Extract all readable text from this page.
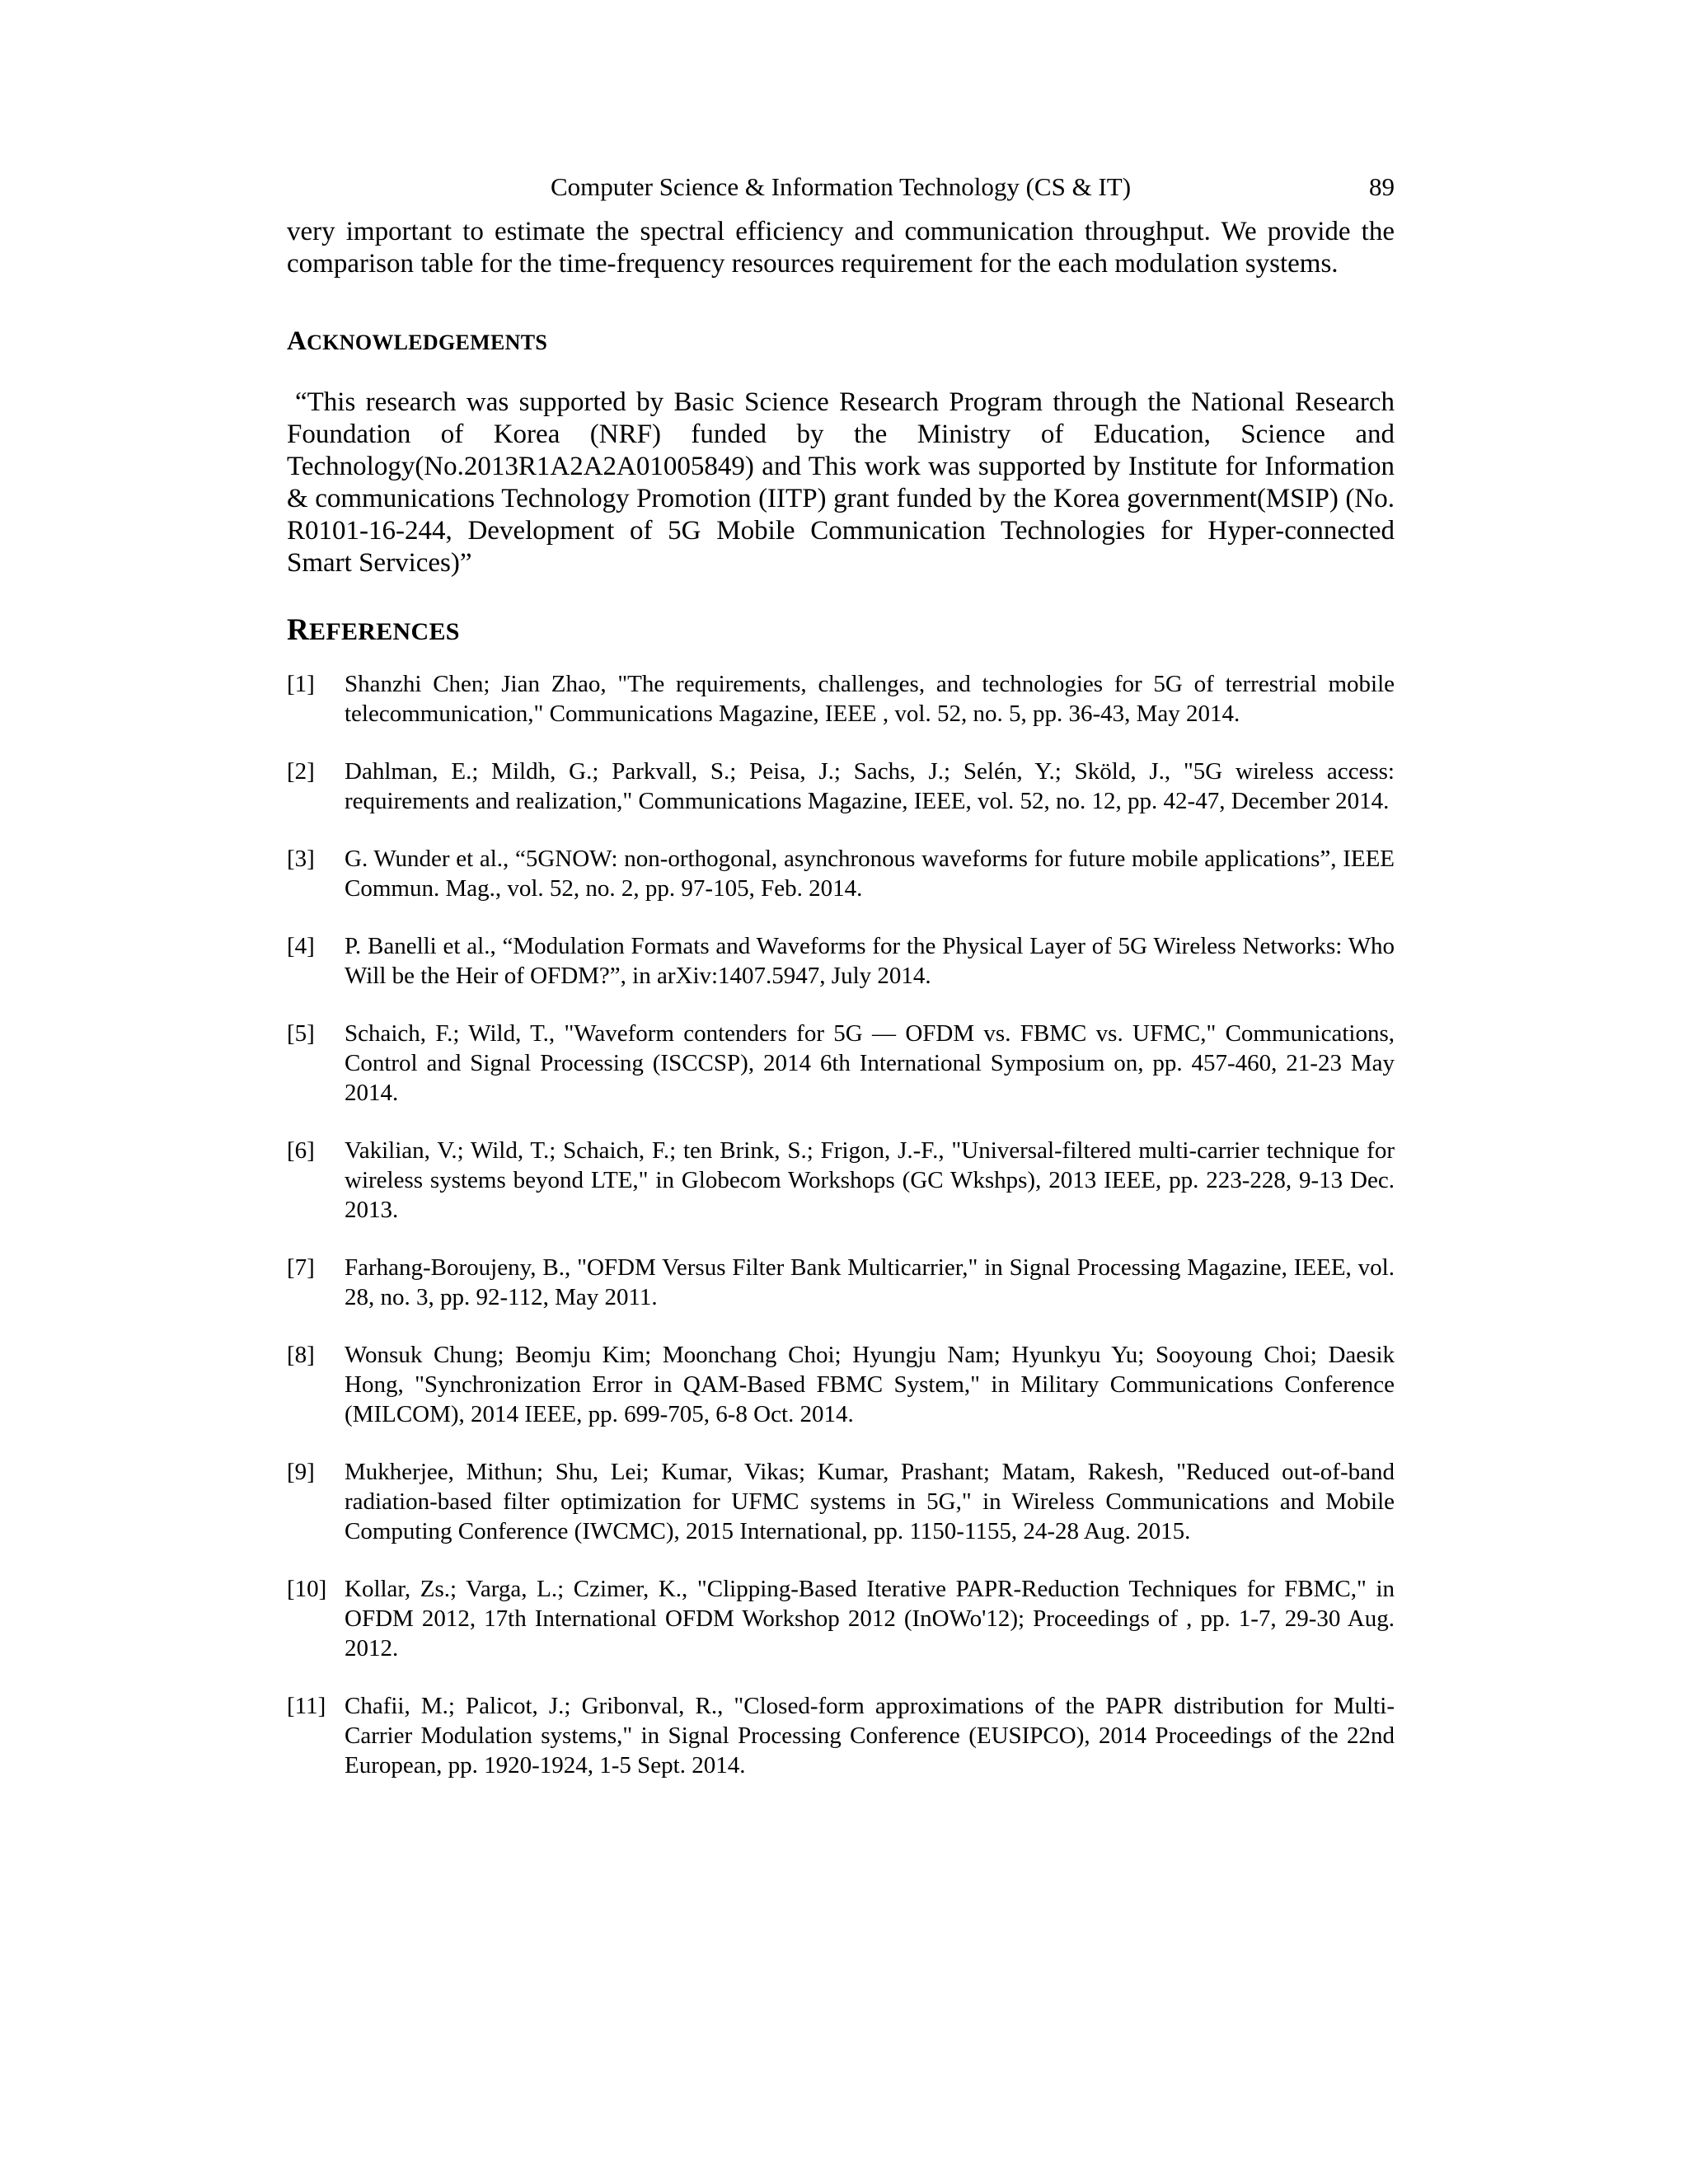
Computer Science & Information Technology (CS & IT)	89

very important to estimate the spectral efficiency and communication throughput. We provide the comparison table for the time-frequency resources requirement for the each modulation systems.

ACKNOWLEDGEMENTS

“This research was supported by Basic Science Research Program through the National Research Foundation of Korea (NRF) funded by the Ministry of Education, Science and Technology(No.2013R1A2A2A01005849) and This work was supported by Institute for Information & communications Technology Promotion (IITP) grant funded by the Korea government(MSIP) (No. R0101-16-244, Development of 5G Mobile Communication Technologies for Hyper-connected Smart Services)”

REFERENCES
[1] Shanzhi Chen; Jian Zhao, "The requirements, challenges, and technologies for 5G of terrestrial mobile telecommunication," Communications Magazine, IEEE , vol. 52, no. 5, pp. 36-43, May 2014.
[2] Dahlman, E.; Mildh, G.; Parkvall, S.; Peisa, J.; Sachs, J.; Selén, Y.; Sköld, J., "5G wireless access: requirements and realization," Communications Magazine, IEEE, vol. 52, no. 12, pp. 42-47, December 2014.
[3] G. Wunder et al., “5GNOW: non-orthogonal, asynchronous waveforms for future mobile applications”, IEEE Commun. Mag., vol. 52, no. 2, pp. 97-105, Feb. 2014.
[4] P. Banelli et al., “Modulation Formats and Waveforms for the Physical Layer of 5G Wireless Networks: Who Will be the Heir of OFDM?”, in arXiv:1407.5947, July 2014.
[5] Schaich, F.; Wild, T., "Waveform contenders for 5G — OFDM vs. FBMC vs. UFMC," Communications, Control and Signal Processing (ISCCSP), 2014 6th International Symposium on, pp. 457-460, 21-23 May 2014.
[6] Vakilian, V.; Wild, T.; Schaich, F.; ten Brink, S.; Frigon, J.-F., "Universal-filtered multi-carrier technique for wireless systems beyond LTE," in Globecom Workshops (GC Wkshps), 2013 IEEE, pp. 223-228, 9-13 Dec. 2013.
[7] Farhang-Boroujeny, B., "OFDM Versus Filter Bank Multicarrier," in Signal Processing Magazine, IEEE, vol. 28, no. 3, pp. 92-112, May 2011.
[8] Wonsuk Chung; Beomju Kim; Moonchang Choi; Hyungju Nam; Hyunkyu Yu; Sooyoung Choi; Daesik Hong, "Synchronization Error in QAM-Based FBMC System," in Military Communications Conference (MILCOM), 2014 IEEE, pp. 699-705, 6-8 Oct. 2014.
[9] Mukherjee, Mithun; Shu, Lei; Kumar, Vikas; Kumar, Prashant; Matam, Rakesh, "Reduced out-of-band radiation-based filter optimization for UFMC systems in 5G," in Wireless Communications and Mobile Computing Conference (IWCMC), 2015 International, pp. 1150-1155, 24-28 Aug. 2015.
[10] Kollar, Zs.; Varga, L.; Czimer, K., "Clipping-Based Iterative PAPR-Reduction Techniques for FBMC," in OFDM 2012, 17th International OFDM Workshop 2012 (InOWo'12); Proceedings of , pp. 1-7, 29-30 Aug. 2012.
[11] Chafii, M.; Palicot, J.; Gribonval, R., "Closed-form approximations of the PAPR distribution for Multi-Carrier Modulation systems," in Signal Processing Conference (EUSIPCO), 2014 Proceedings of the 22nd European, pp. 1920-1924, 1-5 Sept. 2014.
